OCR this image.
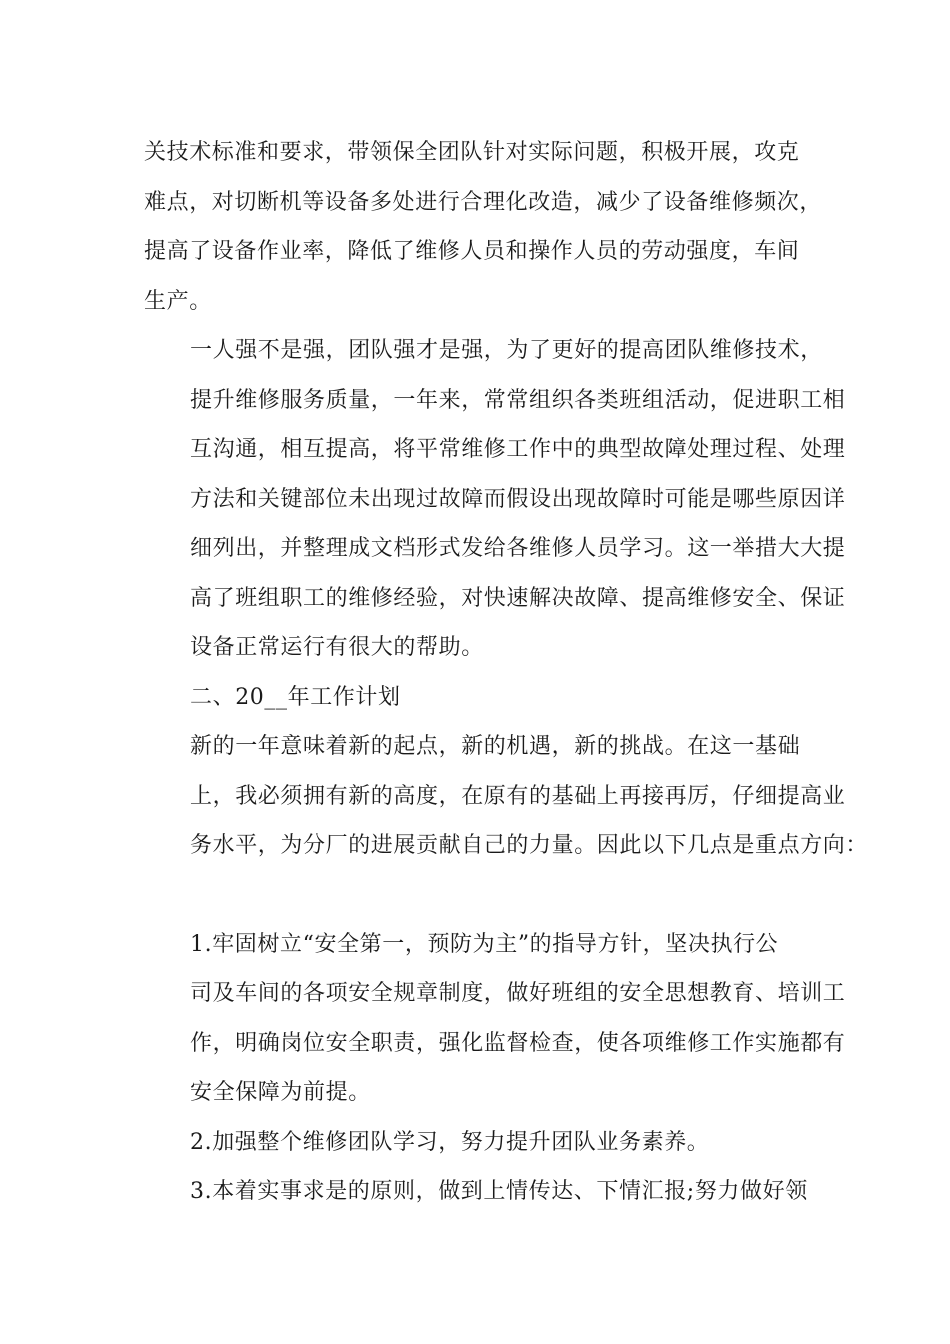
关技术标准和要求，带领保全团队针对实际问题，积极开展，攻克
难点，对切断机等设备多处进行合理化改造，减少了设备维修频次，
提高了设备作业率，降低了维修人员和操作人员的劳动强度，车间
生产。

一人强不是强，团队强才是强，为了更好的提高团队维修技术，
提升维修服务质量，一年来，常常组织各类班组活动，促进职工相
互沟通，相互提高，将平常维修工作中的典型故障处理过程、处理
方法和关键部位未出现过故障而假设出现故障时可能是哪些原因详
细列出，并整理成文档形式发给各维修人员学习。这一举措大大提
高了班组职工的维修经验，对快速解决故障、提高维修安全、保证
设备正常运行有很大的帮助。

二、20__年工作计划

新的一年意味着新的起点，新的机遇，新的挑战。在这一基础
上，我必须拥有新的高度，在原有的基础上再接再厉，仔细提高业
务水平，为分厂的进展贡献自己的力量。因此以下几点是重点方向：

1.牢固树立“安全第一，预防为主”的指导方针，坚决执行公
司及车间的各项安全规章制度，做好班组的安全思想教育、培训工
作，明确岗位安全职责，强化监督检查，使各项维修工作实施都有
安全保障为前提。

2.加强整个维修团队学习，努力提升团队业务素养。

3.本着实事求是的原则，做到上情传达、下情汇报;努力做好领
